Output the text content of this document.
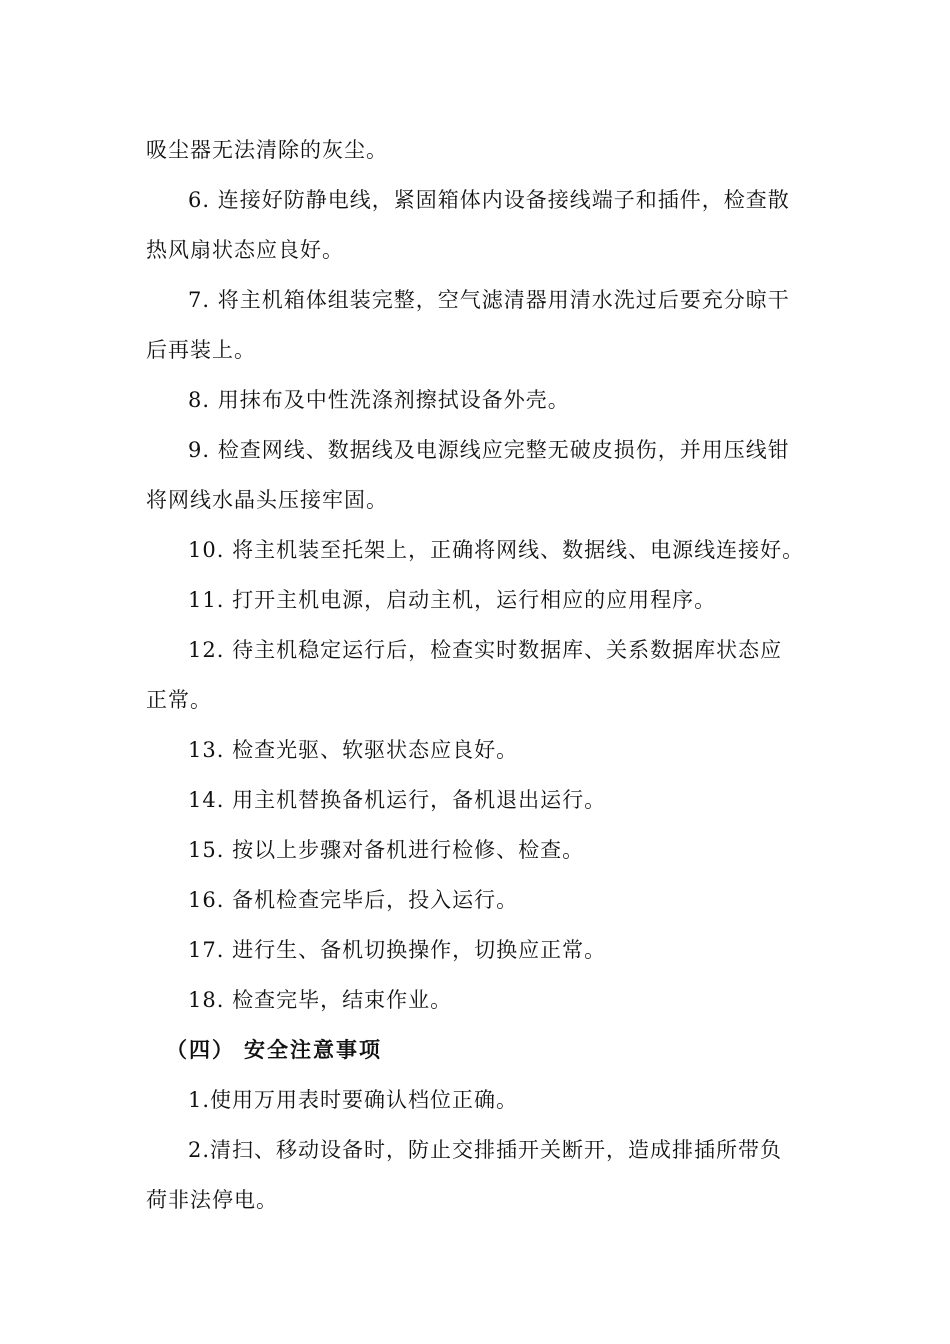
吸尘器无法清除的灰尘。
6. 连接好防静电线，紧固箱体内设备接线端子和插件，检查散
热风扇状态应良好。
7. 将主机箱体组装完整，空气滤清器用清水洗过后要充分晾干
后再装上。
8. 用抹布及中性洗涤剂擦拭设备外壳。
9. 检查网线、数据线及电源线应完整无破皮损伤，并用压线钳
将网线水晶头压接牢固。
10. 将主机装至托架上，正确将网线、数据线、电源线连接好。
11. 打开主机电源，启动主机，运行相应的应用程序。
12. 待主机稳定运行后，检查实时数据库、关系数据库状态应
正常。
13. 检查光驱、软驱状态应良好。
14. 用主机替换备机运行，备机退出运行。
15. 按以上步骤对备机进行检修、检查。
16. 备机检查完毕后，投入运行。
17. 进行生、备机切换操作，切换应正常。
18. 检查完毕，结束作业。
（四） 安全注意事项
1.使用万用表时要确认档位正确。
2.清扫、移动设备时，防止交排插开关断开，造成排插所带负
荷非法停电。
